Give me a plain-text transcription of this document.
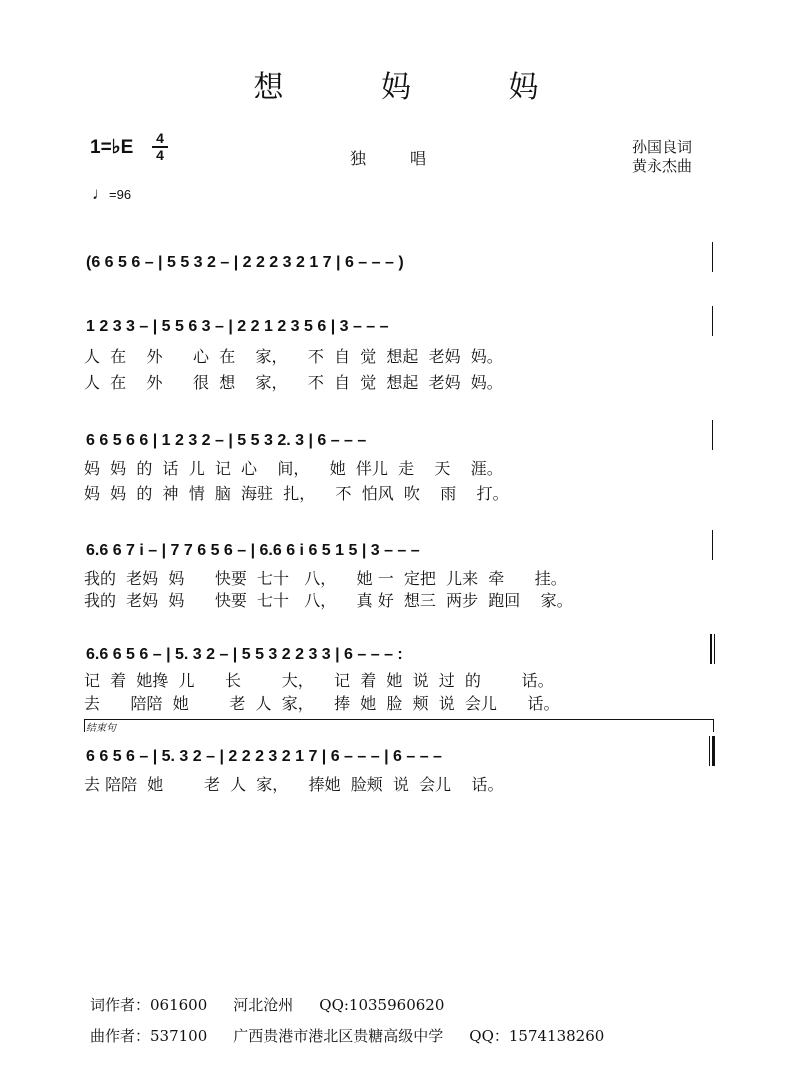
想	妈	妈
1=♭E 4
4	独	唱
孙国良词
黄永杰曲
♩=96
(6 6 5 6 – | 5 5 3 2 – | 2 2 2 3 2 1 7 | 6 – – – )
1 2 3 3 – | 5 5 6 3 – | 2 2 1 2 3 5 6 | 3 – – –
人  在    外      心  在    家，    不  自  觉  想起  老妈  妈。
人  在    外      很  想    家，    不  自  觉  想起  老妈  妈。
6 6 5 6 6 | 1 2 3 2 – | 5 5 3 2. 3 | 6 – – –
妈  妈  的  话  儿  记  心    间，    她  伴儿  走    天    涯。
妈  妈  的  神  情  脑  海驻  扎，    不  怕风  吹    雨    打。
6.6 6 7 i – | 7 7 6 5 6 – | 6.6 6 i 6 5 1 5 | 3 – – –
我的  老妈  妈      快要  七十   八，    她 一  定把  儿来  牵      挂。
我的  老妈  妈      快要  七十   八，    真 好  想三  两步  跑回    家。
6.6 6 5 6 – | 5. 3 2 – | 5 5 3 2 2 3 3 | 6 – – – :
记  着  她搀  儿      长        大，    记  着  她  说  过  的        话。
去      陪陪  她        老  人  家，    捧  她  脸  颊  说  会儿      话。
结束句
6 6 5 6 – | 5. 3 2 – | 2 2 2 3 2 1 7 | 6 – – – | 6 – – –
去 陪陪  她        老  人  家，    捧她  脸颊  说  会儿    话。
词作者：061600 河北沧州 QQ:1035960620
曲作者：537100 广西贵港市港北区贵糖高级中学 QQ：1574138260
